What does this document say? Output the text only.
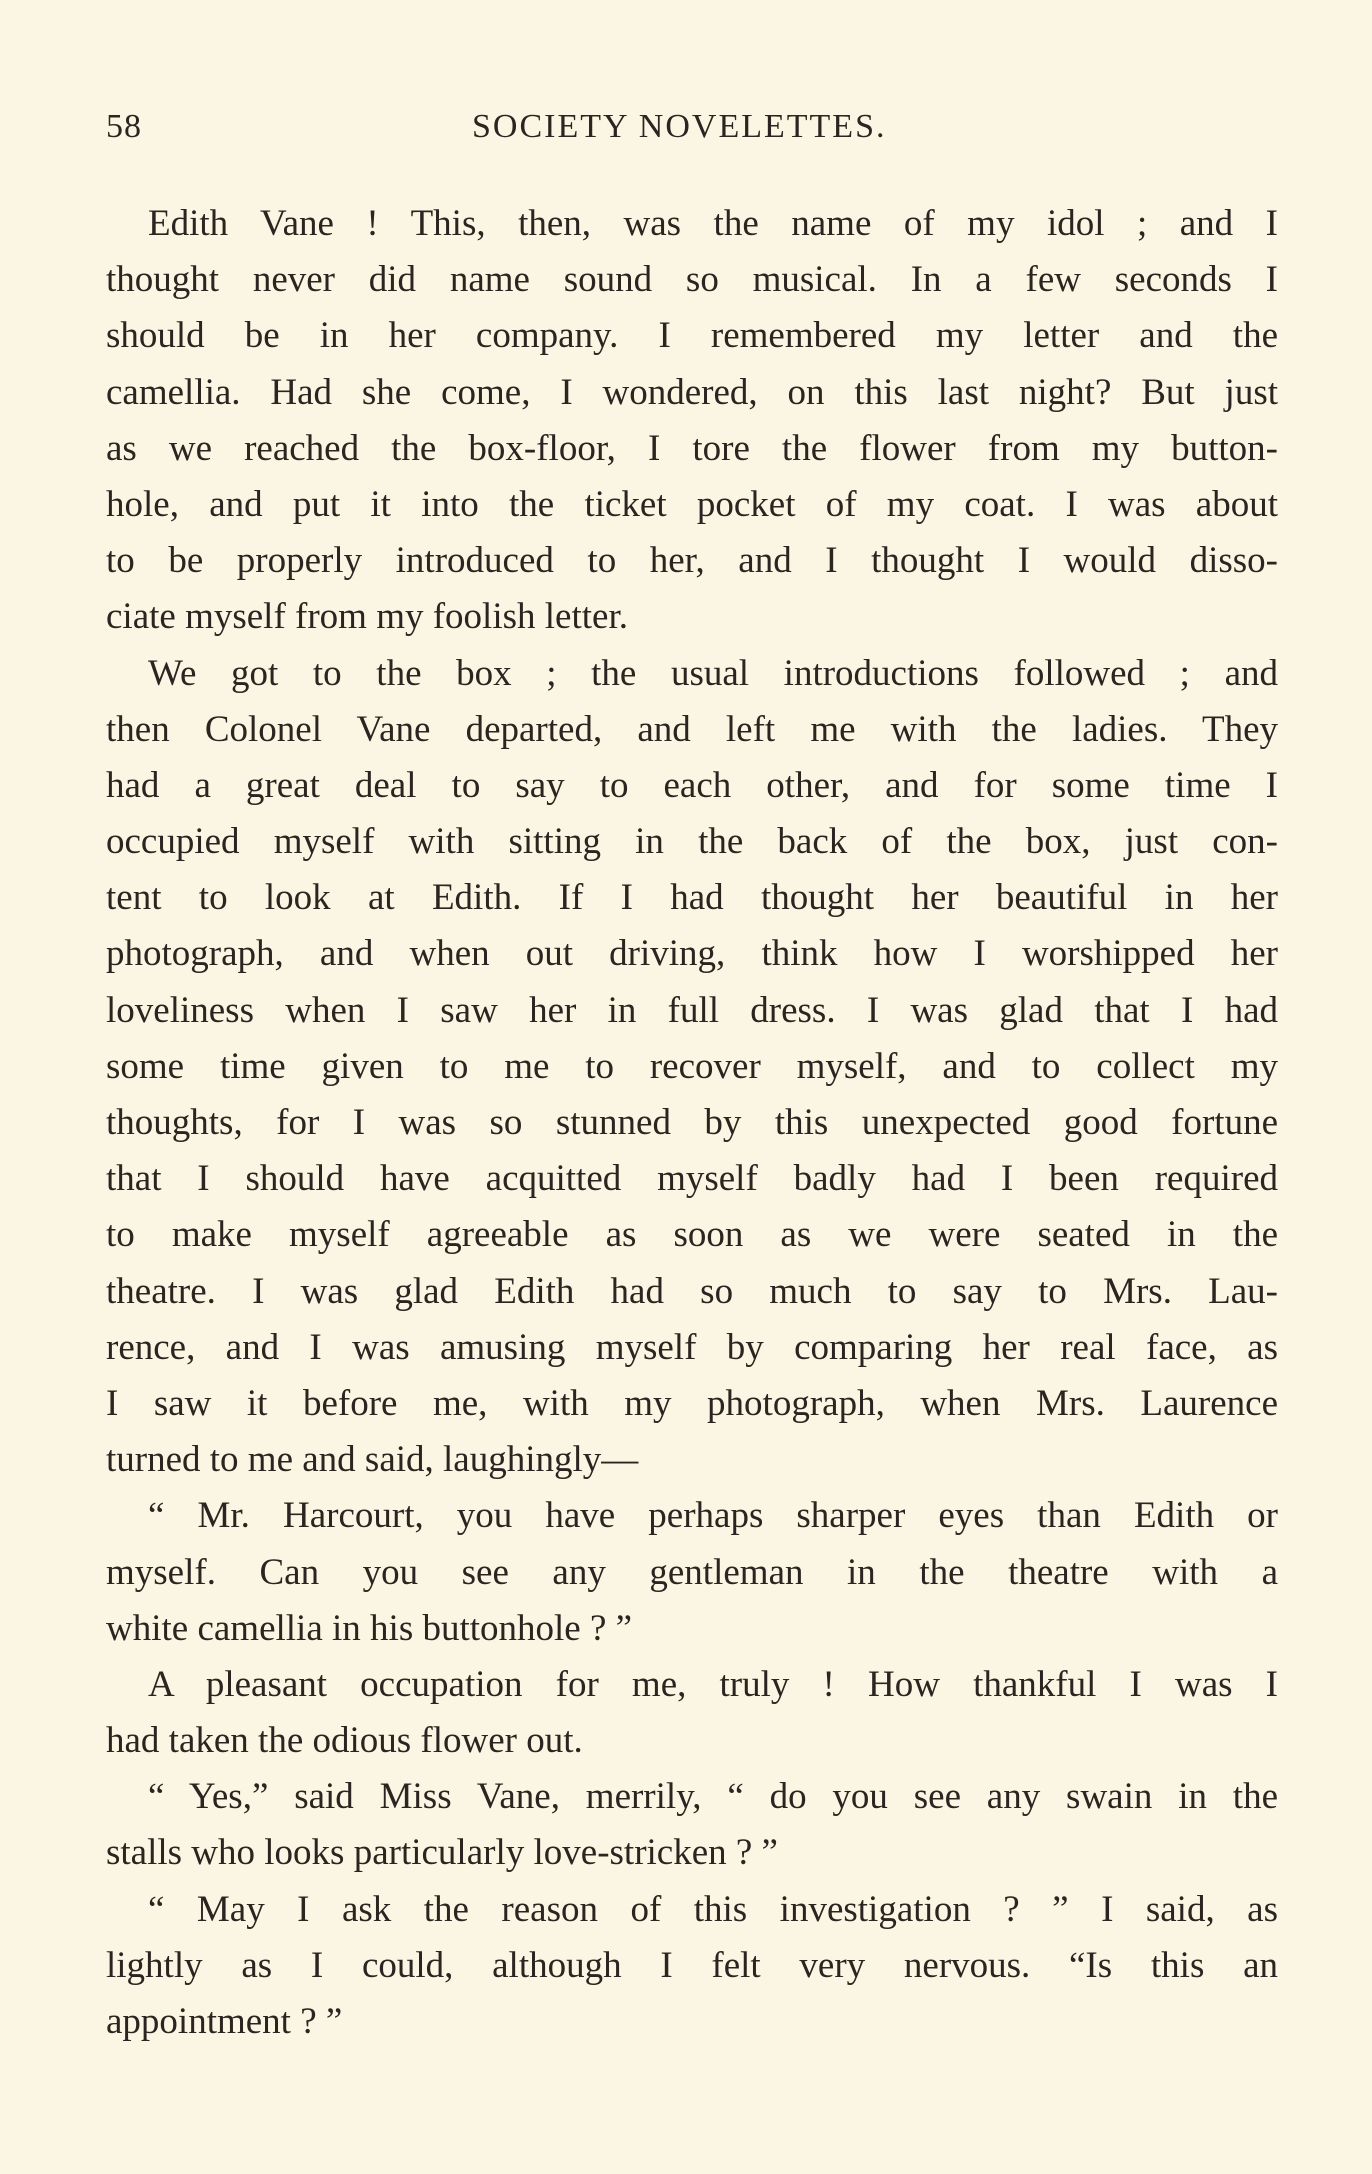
58	SOCIETY NOVELETTES.
Edith Vane ! This, then, was the name of my idol ; and I
thought never did name sound so musical. In a few seconds I
should be in her company. I remembered my letter and the
camellia. Had she come, I wondered, on this last night? But just
as we reached the box-floor, I tore the flower from my button-
hole, and put it into the ticket pocket of my coat. I was about
to be properly introduced to her, and I thought I would disso-
ciate myself from my foolish letter.
We got to the box ; the usual introductions followed ; and
then Colonel Vane departed, and left me with the ladies. They
had a great deal to say to each other, and for some time I
occupied myself with sitting in the back of the box, just con-
tent to look at Edith. If I had thought her beautiful in her
photograph, and when out driving, think how I worshipped her
loveliness when I saw her in full dress. I was glad that I had
some time given to me to recover myself, and to collect my
thoughts, for I was so stunned by this unexpected good fortune
that I should have acquitted myself badly had I been required
to make myself agreeable as soon as we were seated in the
theatre. I was glad Edith had so much to say to Mrs. Lau-
rence, and I was amusing myself by comparing her real face, as
I saw it before me, with my photograph, when Mrs. Laurence
turned to me and said, laughingly—
“ Mr. Harcourt, you have perhaps sharper eyes than Edith or
myself. Can you see any gentleman in the theatre with a
white camellia in his buttonhole ? ”
A pleasant occupation for me, truly ! How thankful I was I
had taken the odious flower out.
“ Yes,” said Miss Vane, merrily, “ do you see any swain in the
stalls who looks particularly love-stricken ? ”
“ May I ask the reason of this investigation ? ” I said, as
lightly as I could, although I felt very nervous. “Is this an
appointment ? ”
